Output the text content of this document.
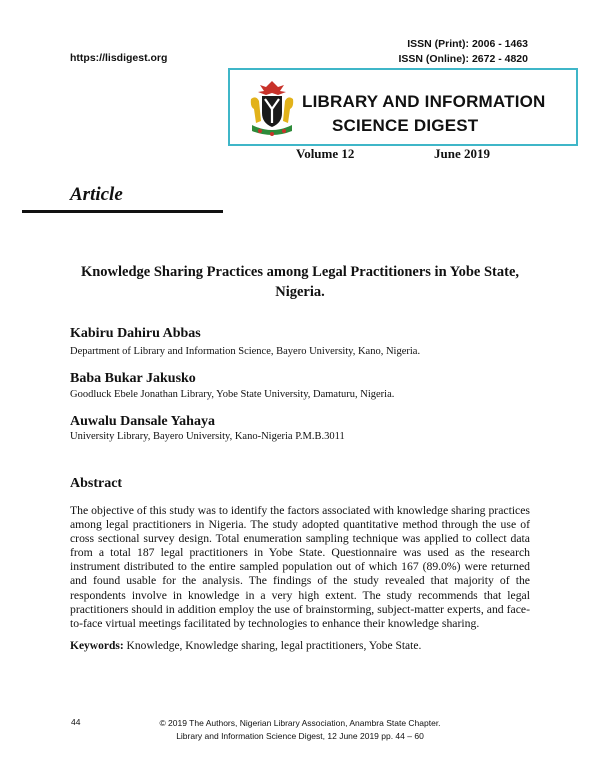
ISSN (Print): 2006 - 1463
ISSN (Online): 2672 - 4820
https://lisdigest.org
LIBRARY AND INFORMATION
SCIENCE DIGEST
Volume 12	June 2019
Article
Knowledge Sharing Practices among Legal Practitioners in Yobe State, Nigeria.
Kabiru Dahiru Abbas
Department of Library and Information Science, Bayero University, Kano, Nigeria.
Baba Bukar Jakusko
Goodluck Ebele Jonathan Library, Yobe State University, Damaturu, Nigeria.
Auwalu Dansale Yahaya
University Library, Bayero University, Kano-Nigeria P.M.B.3011
Abstract
The objective of this study was to identify the factors associated with knowledge sharing practices among legal practitioners in Nigeria. The study adopted quantitative method through the use of cross sectional survey design. Total enumeration sampling technique was applied to collect data from a total 187 legal practitioners in Yobe State. Questionnaire was used as the research instrument distributed to the entire sampled population out of which 167 (89.0%) were returned and found usable for the analysis. The findings of the study revealed that majority of the respondents involve in knowledge in a very high extent. The study recommends that legal practitioners should in addition employ the use of brainstorming, subject-matter experts, and face-to-face virtual meetings facilitated by technologies to enhance their knowledge sharing.
Keywords: Knowledge, Knowledge sharing, legal practitioners, Yobe State.
44	© 2019 The Authors, Nigerian Library Association, Anambra State Chapter.
Library and Information Science Digest, 12 June 2019 pp. 44 – 60
